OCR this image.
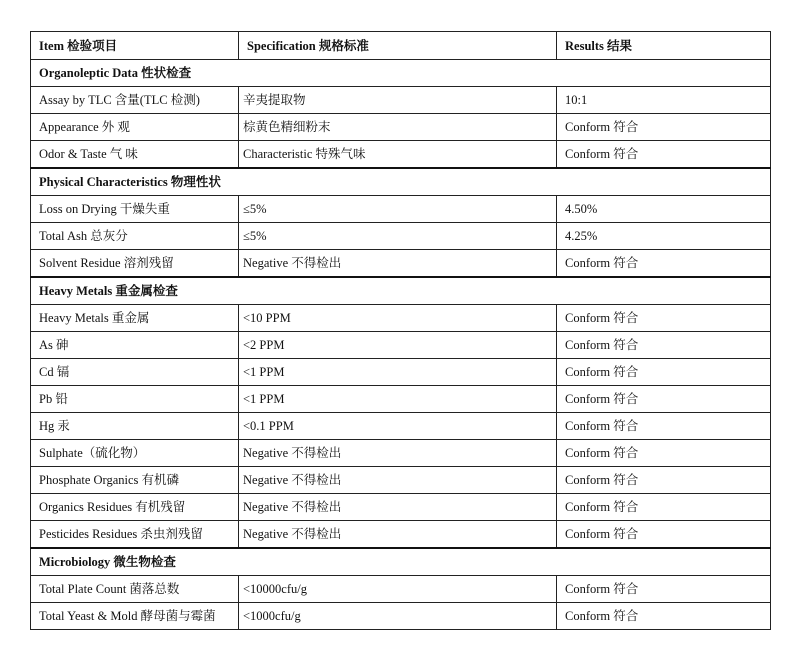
Item 检验项目	Specification 规格标准	Results 结果
Organoleptic Data 性状检查		
Assay by TLC 含量(TLC 检测)	辛夷提取物	10:1
Appearance 外 观	棕黄色精细粉末	Conform 符合
Odor & Taste 气 味	Characteristic 特殊气味	Conform 符合
Physical Characteristics 物理性状		
Loss on Drying 干燥失重	≤5%	4.50%
Total Ash 总灰分	≤5%	4.25%
Solvent Residue 溶剂残留	Negative 不得检出	Conform 符合
Heavy Metals 重金属检查		
Heavy Metals 重金属	<10 PPM	Conform 符合
As 砷	<2 PPM	Conform 符合
Cd 镉	<1 PPM	Conform 符合
Pb 铅	<1 PPM	Conform 符合
Hg 汞	<0.1 PPM	Conform 符合
Sulphate（硫化物）	Negative 不得检出	Conform 符合
Phosphate Organics 有机磷	Negative 不得检出	Conform 符合
Organics Residues 有机残留	Negative 不得检出	Conform 符合
Pesticides Residues 杀虫剂残留	Negative 不得检出	Conform 符合
Microbiology 微生物检查		
Total Plate Count 菌落总数	<10000cfu/g	Conform 符合
Total Yeast & Mold 酵母菌与霉菌	<1000cfu/g	Conform 符合
